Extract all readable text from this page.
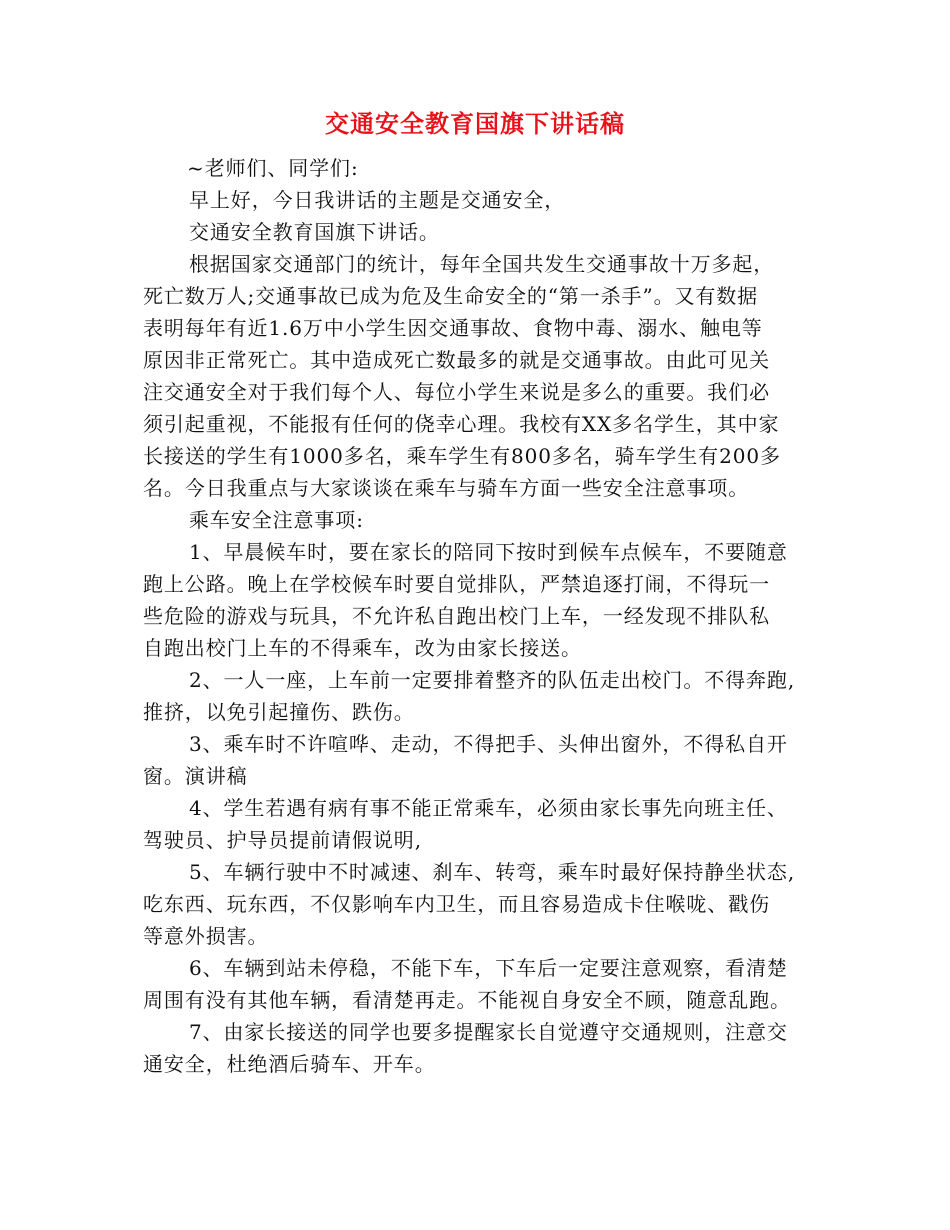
交通安全教育国旗下讲话稿
~老师们、同学们:
早上好，今日我讲话的主题是交通安全，
交通安全教育国旗下讲话。
根据国家交通部门的统计，每年全国共发生交通事故十万多起，
死亡数万人;交通事故已成为危及生命安全的“第一杀手”。又有数据
表明每年有近1.6万中小学生因交通事故、食物中毒、溺水、触电等
原因非正常死亡。其中造成死亡数最多的就是交通事故。由此可见关
注交通安全对于我们每个人、每位小学生来说是多么的重要。我们必
须引起重视，不能报有任何的侥幸心理。我校有XX多名学生，其中家
长接送的学生有1000多名，乘车学生有800多名，骑车学生有200多
名。今日我重点与大家谈谈在乘车与骑车方面一些安全注意事项。
乘车安全注意事项:
1、早晨候车时，要在家长的陪同下按时到候车点候车，不要随意
跑上公路。晚上在学校候车时要自觉排队，严禁追逐打闹，不得玩一
些危险的游戏与玩具，不允许私自跑出校门上车，一经发现不排队私
自跑出校门上车的不得乘车，改为由家长接送。
2、一人一座，上车前一定要排着整齐的队伍走出校门。不得奔跑,
推挤，以免引起撞伤、跌伤。
3、乘车时不许喧哗、走动，不得把手、头伸出窗外，不得私自开
窗。演讲稿
4、学生若遇有病有事不能正常乘车，必须由家长事先向班主任、
驾驶员、护导员提前请假说明,
5、车辆行驶中不时减速、刹车、转弯，乘车时最好保持静坐状态,
吃东西、玩东西，不仅影响车内卫生，而且容易造成卡住喉咙、戳伤
等意外损害。
6、车辆到站未停稳，不能下车，下车后一定要注意观察，看清楚
周围有没有其他车辆，看清楚再走。不能视自身安全不顾，随意乱跑。
7、由家长接送的同学也要多提醒家长自觉遵守交通规则，注意交
通安全，杜绝酒后骑车、开车。
